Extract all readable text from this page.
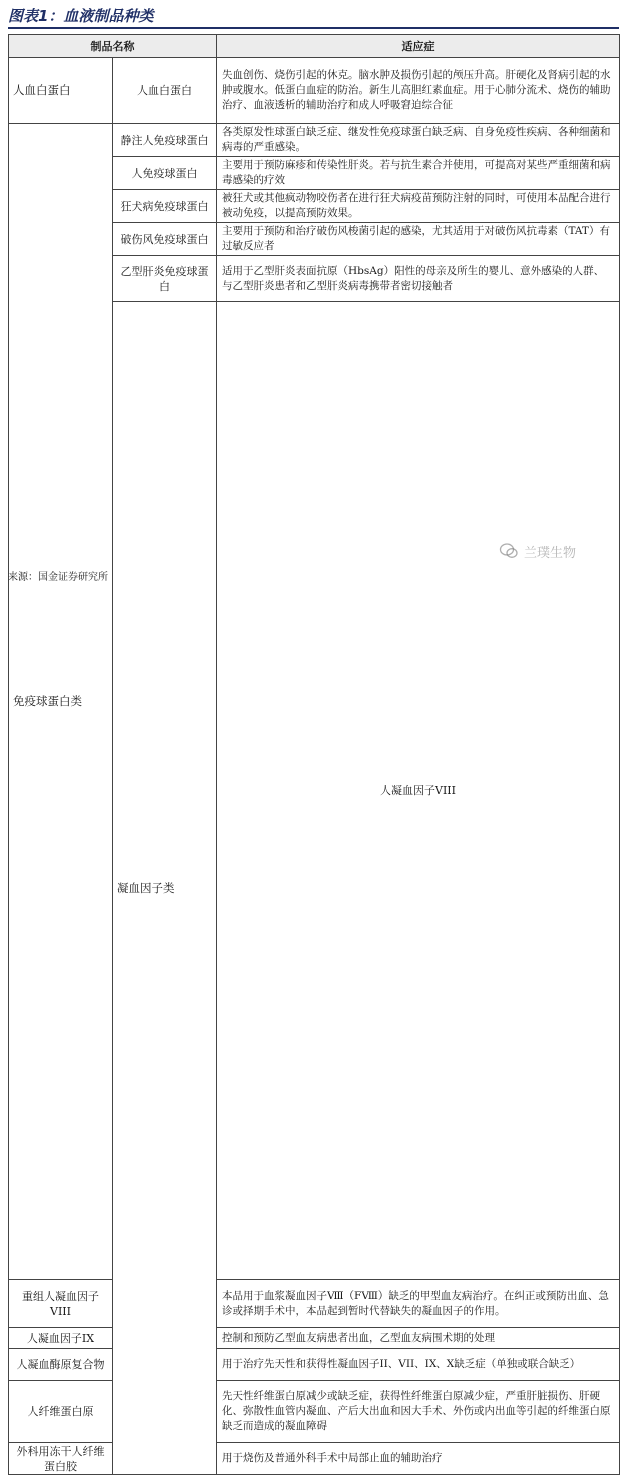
图表1：血液制品种类
制品名称		适应症	
人血白蛋白	人血白蛋白	失血创伤、烧伤引起的休克。脑水肿及损伤引起的颅压升高。肝硬化及肾病引起的水肿或腹水。低蛋白血症的防治。新生儿高胆红素血症。用于心肺分流术、烧伤的辅助治疗、血液透析的辅助治疗和成人呼吸窘迫综合征	
免疫球蛋白类	静注人免疫球蛋白	各类原发性球蛋白缺乏症、继发性免疫球蛋白缺乏病、自身免疫性疾病、各种细菌和病毒的严重感染。	
	人免疫球蛋白	主要用于预防麻疹和传染性肝炎。若与抗生素合并使用，可提高对某些严重细菌和病毒感染的疗效	
	狂犬病免疫球蛋白	被狂犬或其他疯动物咬伤者在进行狂犬病疫苗预防注射的同时，可使用本品配合进行被动免疫，以提高预防效果。	
	破伤风免疫球蛋白	主要用于预防和治疗破伤风梭菌引起的感染，尤其适用于对破伤风抗毒素（TAT）有过敏反应者	
	乙型肝炎免疫球蛋白	适用于乙型肝炎表面抗原（HbsAg）阳性的母亲及所生的婴儿、意外感染的人群、与乙型肝炎患者和乙型肝炎病毒携带者密切接触者	
	凝血因子类	人凝血因子VIII	
重组人凝血因子VIII		本品用于血浆凝血因子Ⅷ（FⅧ）缺乏的甲型血友病治疗。在纠正或预防出血、急诊或择期手术中，本品起到暂时代替缺失的凝血因子的作用。	
人凝血因子IX		控制和预防乙型血友病患者出血，乙型血友病围术期的处理	
人凝血酶原复合物		用于治疗先天性和获得性凝血因子II、VII、IX、X缺乏症（单独或联合缺乏）	
人纤维蛋白原		先天性纤维蛋白原减少或缺乏症，获得性纤维蛋白原减少症，严重肝脏损伤、肝硬化、弥散性血管内凝血、产后大出血和因大手术、外伤或内出血等引起的纤维蛋白原缺乏而造成的凝血障碍	
外科用冻干人纤维蛋白胶		用于烧伤及普通外科手术中局部止血的辅助治疗	
兰璞生物
来源：国金证券研究所
